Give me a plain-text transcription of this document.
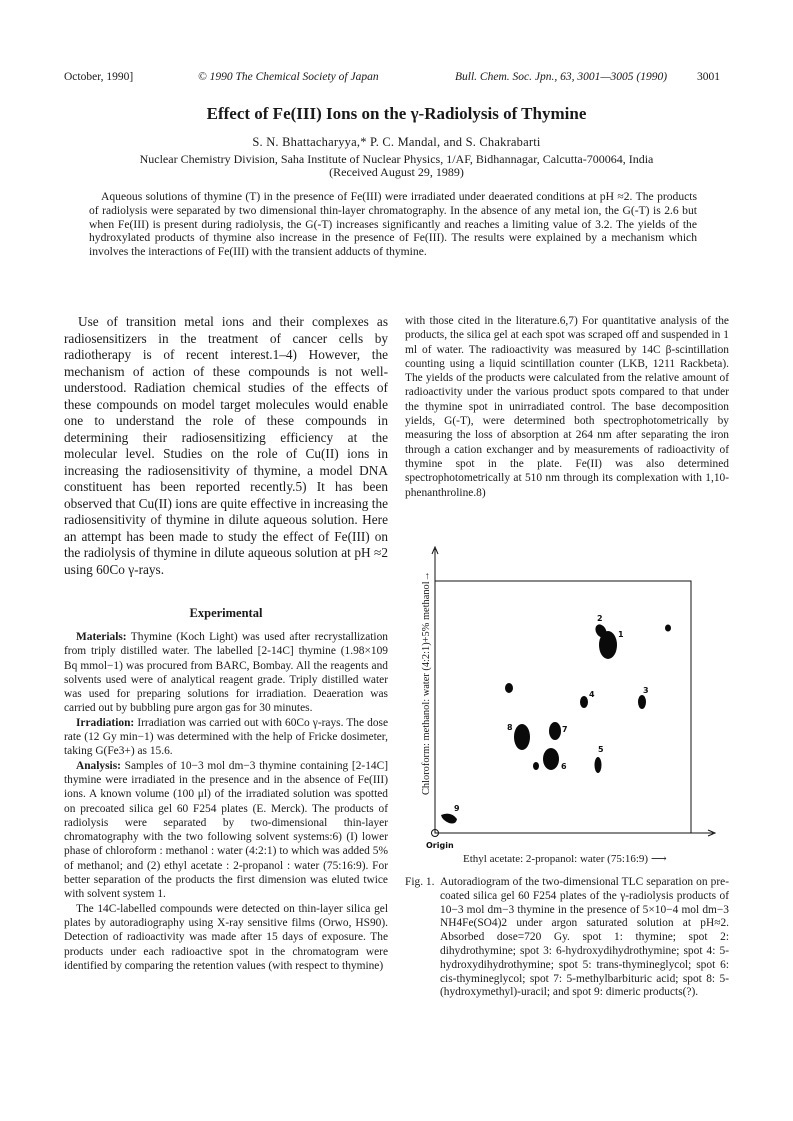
October, 1990]	© 1990 The Chemical Society of Japan	Bull. Chem. Soc. Jpn., 63, 3001—3005 (1990)	3001
Effect of Fe(III) Ions on the γ-Radiolysis of Thymine
S. N. Bhattacharyya,* P. C. Mandal, and S. Chakrabarti
Nuclear Chemistry Division, Saha Institute of Nuclear Physics, 1/AF, Bidhannagar, Calcutta-700064, India
(Received August 29, 1989)
Aqueous solutions of thymine (T) in the presence of Fe(III) were irradiated under deaerated conditions at pH ≈2. The products of radiolysis were separated by two dimensional thin-layer chromatography. In the absence of any metal ion, the G(-T) is 2.6 but when Fe(III) is present during radiolysis, the G(-T) increases significantly and reaches a limiting value of 3.2. The yields of the hydroxylated products of thymine also increase in the presence of Fe(III). The results were explained by a mechanism which involves the interactions of Fe(III) with the transient adducts of thymine.

Use of transition metal ions and their complexes as radiosensitizers in the treatment of cancer cells by radiotherapy is of recent interest.1–4) However, the mechanism of action of these compounds is not well-understood. Radiation chemical studies of the effects of these compounds on model target molecules would enable one to understand the role of these compounds in determining their radiosensitizing efficiency at the molecular level. Studies on the role of Cu(II) ions in increasing the radiosensitivity of thymine, a model DNA constituent has been reported recently.5) It has been observed that Cu(II) ions are quite effective in increasing the radiosensitivity of thymine in dilute aqueous solution. Here an attempt has been made to study the effect of Fe(III) on the radiolysis of thymine in dilute aqueous solution at pH ≈2 using 60Co γ-rays.

Experimental

Materials: Thymine (Koch Light) was used after recrystallization from triply distilled water. The labelled [2-14C] thymine (1.98×109 Bq mmol−1) was procured from BARC, Bombay. All the reagents and solvents used were of analytical reagent grade. Triply distilled water was used for preparing solutions for irradiation. Deaeration was carried out by bubbling pure argon gas for 30 minutes.

Irradiation: Irradiation was carried out with 60Co γ-rays. The dose rate (12 Gy min−1) was determined with the help of Fricke dosimeter, taking G(Fe3+) as 15.6.

Analysis: Samples of 10−3 mol dm−3 thymine containing [2-14C] thymine were irradiated in the presence and in the absence of Fe(III) ions. A known volume (100 μl) of the irradiated solution was spotted on precoated silica gel 60 F254 plates (E. Merck). The products of radiolysis were separated by two-dimensional thin-layer chromatography with the two following solvent systems:6) (I) lower phase of chloroform : methanol : water (4:2:1) to which was added 5% of methanol; and (2) ethyl acetate : 2-propanol : water (75:16:9). For better separation of the products the first dimension was eluted twice with solvent system 1.

The 14C-labelled compounds were detected on thin-layer silica gel plates by autoradiography using X-ray sensitive films (Orwo, HS90). Detection of radioactivity was made after 15 days of exposure. The products under each radioactive spot in the chromatogram were identified by comparing the retention values (with respect to thymine)

with those cited in the literature.6,7) For quantitative analysis of the products, the silica gel at each spot was scraped off and suspended in 1 ml of water. The radioactivity was measured by 14C β-scintillation counting using a liquid scintillation counter (LKB, 1211 Rackbeta). The yields of the products were calculated from the relative amount of radioactivity under the various product spots compared to that under the thymine spot in unirradiated control. The base decomposition yields, G(-T), were determined both spectrophotometrically by measuring the loss of absorption at 264 nm after separating the iron through a cation exchanger and by measurements of radioactivity of thymine spot in the plate. Fe(II) was also determined spectrophotometrically at 510 nm through its complexation with 1,10-phenanthroline.8)

Chloroform: methanol: water (4:2:1)+5% methanol→	1
2
3
4
5
6
7
8
9
Origin
Ethyl acetate: 2-propanol: water (75:16:9) ⟶
Fig. 1. Autoradiogram of the two-dimensional TLC separation on pre-coated silica gel 60 F254 plates of the γ-radiolysis products of 10−3 mol dm−3 thymine in the presence of 5×10−4 mol dm−3 NH4Fe(SO4)2 under argon saturated solution at pH≈2. Absorbed dose=720 Gy. spot 1: thymine; spot 2: dihydrothymine; spot 3: 6-hydroxydihydrothymine; spot 4: 5-hydroxydihydrothymine; spot 5: trans-thymineglycol; spot 6: cis-thymineglycol; spot 7: 5-methylbarbituric acid; spot 8: 5-(hydroxymethyl)-uracil; and spot 9: dimeric products(?).
